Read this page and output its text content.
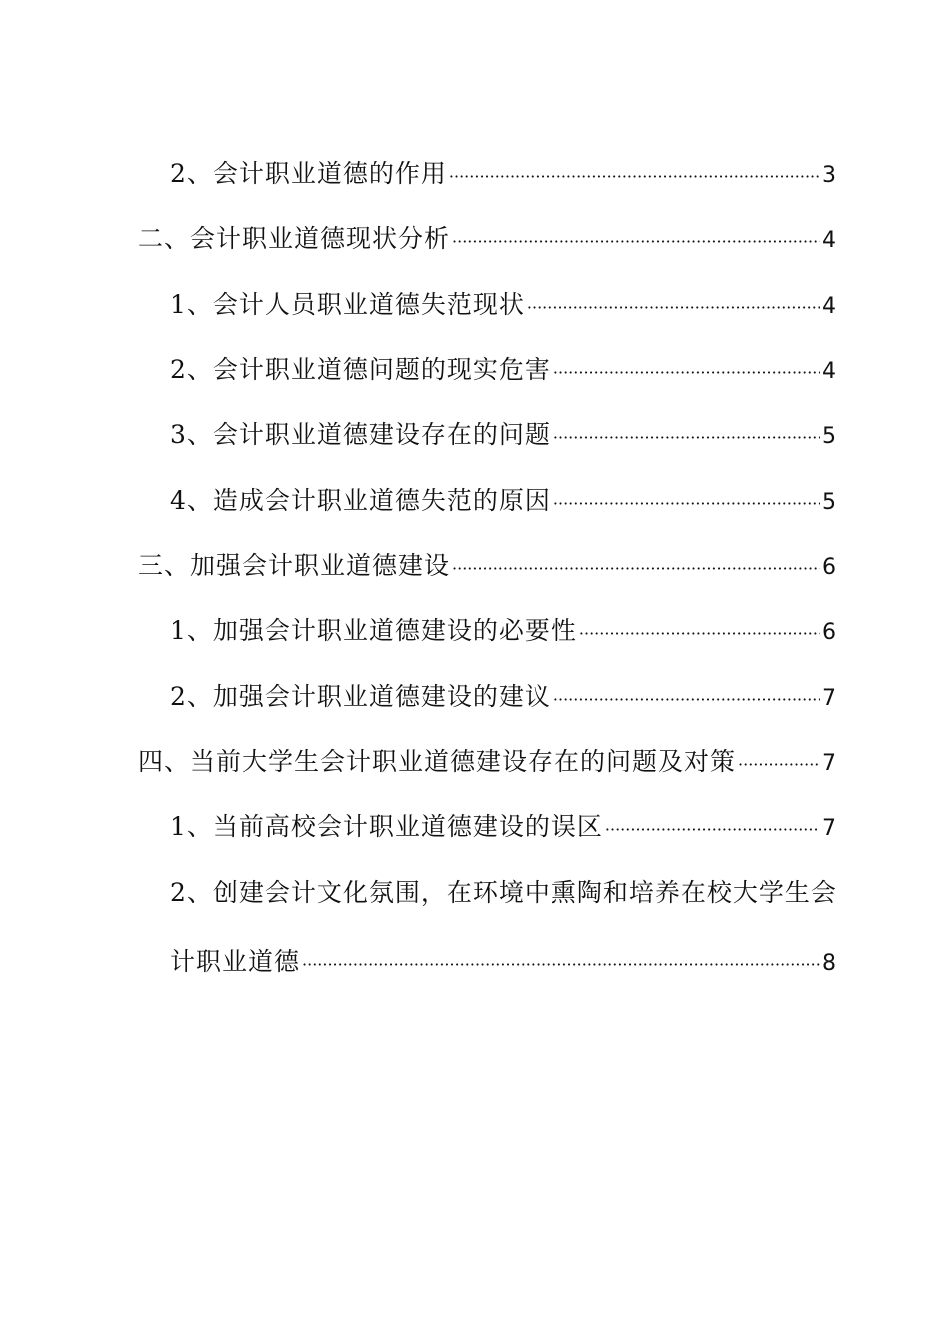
2、会计职业道德的作用 ·····	3
二、会计职业道德现状分析 ·····	4
1、会计人员职业道德失范现状 ·····	4
2、会计职业道德问题的现实危害 ·····	4
3、会计职业道德建设存在的问题 ·····	5
4、造成会计职业道德失范的原因 ·····	5
三、加强会计职业道德建设 ·····	6
1、加强会计职业道德建设的必要性 ·····	6
2、加强会计职业道德建设的建议 ·····	7
四、当前大学生会计职业道德建设存在的问题及对策 ·····	7
1、当前高校会计职业道德建设的误区 ·····	7
2、创建会计文化氛围，在环境中熏陶和培养在校大学生会
计职业道德 ·····	8
